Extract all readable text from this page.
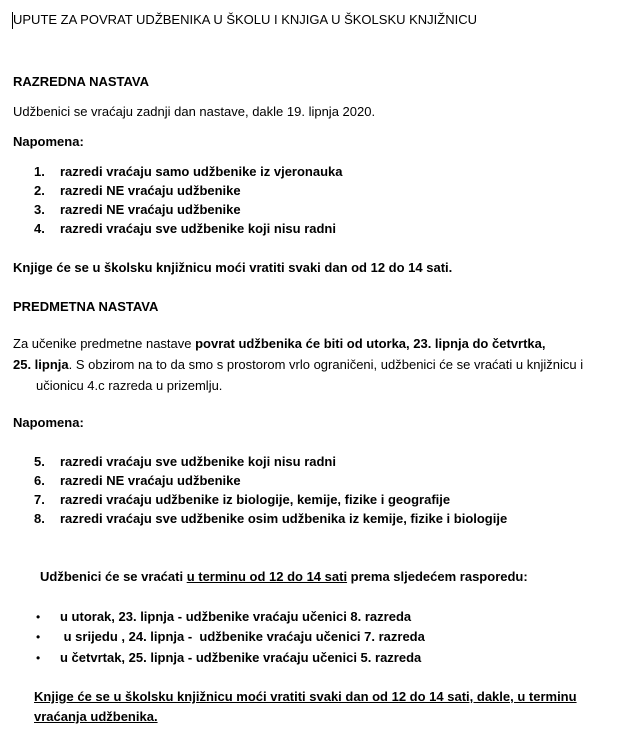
UPUTE ZA POVRAT UDŽBENIKA U ŠKOLU I KNJIGA U ŠKOLSKU KNJIŽNICU
RAZREDNA NASTAVA
Udžbenici se vraćaju zadnji dan nastave, dakle 19. lipnja 2020.
Napomena:
1.	razredi vraćaju samo udžbenike iz vjeronauka
2.	razredi NE vraćaju udžbenike
3.	razredi NE vraćaju udžbenike
4.	razredi vraćaju sve udžbenike koji nisu radni
Knjige će se u školsku knjižnicu moći vratiti svaki dan od 12 do 14 sati.
PREDMETNA NASTAVA
Za učenike predmetne nastave povrat udžbenika će biti od utorka, 23. lipnja do četvrtka,
25. lipnja. S obzirom na to da smo s prostorom vrlo ograničeni, udžbenici će se vraćati u knjižnicu i
učionicu 4.c razreda u prizemlju.
Napomena:
5.	razredi vraćaju sve udžbenike koji nisu radni
6.	razredi NE vraćaju udžbenike
7.	razredi vraćaju udžbenike iz biologije, kemije, fizike i geografije
8.	razredi vraćaju sve udžbenike osim udžbenika iz kemije, fizike i biologije
Udžbenici će se vraćati u terminu od 12 do 14 sati prema sljedećem rasporedu:
• u utorak, 23. lipnja - udžbenike vraćaju učenici 8. razreda
• u srijedu , 24. lipnja -  udžbenike vraćaju učenici 7. razreda
• u četvrtak, 25. lipnja - udžbenike vraćaju učenici 5. razreda
Knjige će se u školsku knjižnicu moći vratiti svaki dan od 12 do 14 sati, dakle, u terminu
vraćanja udžbenika.
